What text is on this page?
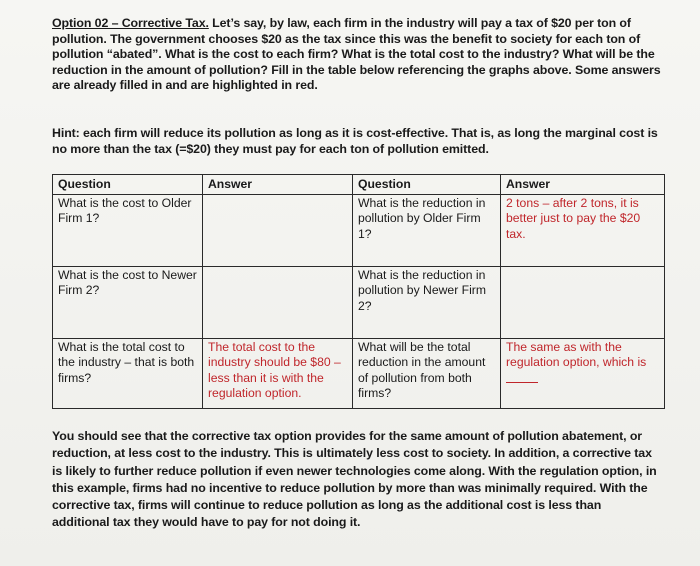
Option 02 – Corrective Tax. Let’s say, by law, each firm in the industry will pay a tax of $20 per ton of pollution. The government chooses $20 as the tax since this was the benefit to society for each ton of pollution “abated”. What is the cost to each firm? What is the total cost to the industry? What will be the reduction in the amount of pollution? Fill in the table below referencing the graphs above. Some answers are already filled in and are highlighted in red.
Hint: each firm will reduce its pollution as long as it is cost-effective. That is, as long the marginal cost is no more than the tax (=$20) they must pay for each ton of pollution emitted.
Question	Answer	Question	Answer
What is the cost to Older Firm 1?		What is the reduction in pollution by Older Firm 1?	2 tons – after 2 tons, it is better just to pay the $20 tax.
What is the cost to Newer Firm 2?		What is the reduction in pollution by Newer Firm 2?	
What is the total cost to the industry – that is both firms?	The total cost to the industry should be $80 – less than it is with the regulation option.	What will be the total reduction in the amount of pollution from both firms?	The same as with the regulation option, which is
You should see that the corrective tax option provides for the same amount of pollution abatement, or reduction, at less cost to the industry. This is ultimately less cost to society. In addition, a corrective tax is likely to further reduce pollution if even newer technologies come along. With the regulation option, in this example, firms had no incentive to reduce pollution by more than was minimally required. With the corrective tax, firms will continue to reduce pollution as long as the additional cost is less than additional tax they would have to pay for not doing it.
